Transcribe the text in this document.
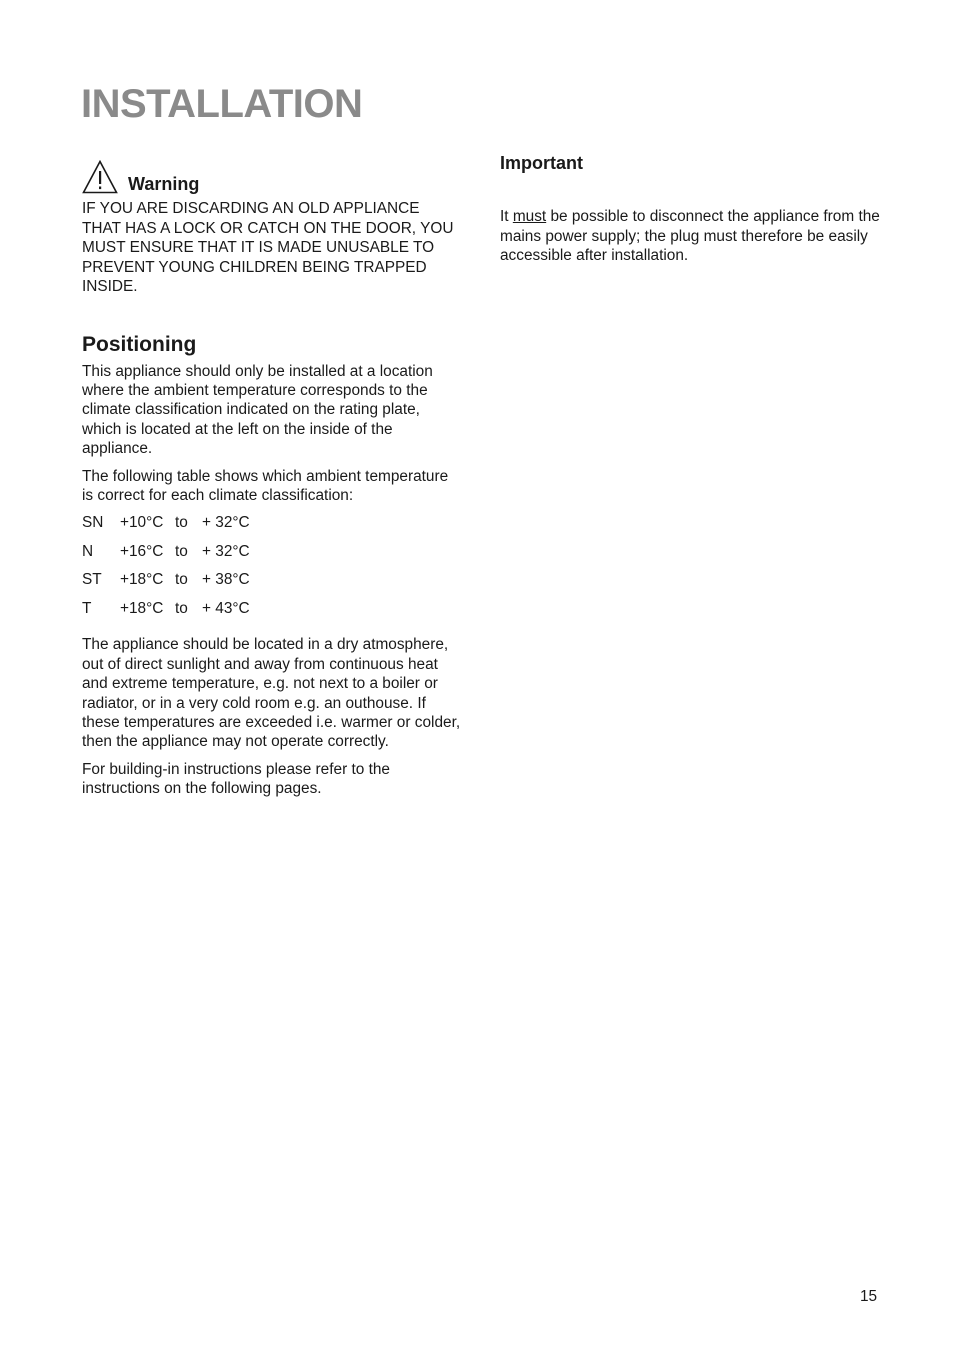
INSTALLATION
Warning

IF YOU ARE DISCARDING AN OLD APPLIANCE THAT HAS A LOCK OR CATCH ON THE DOOR, YOU MUST ENSURE THAT IT IS MADE UNUSABLE TO PREVENT YOUNG CHILDREN BEING TRAPPED INSIDE.

Positioning

This appliance should only be installed at a location where the ambient temperature corresponds to the climate classification indicated on the rating plate, which is located at the left on the inside of the appliance.

The following table shows which ambient temperature is correct for each climate classification:

SN	+10°C to + 32°C
N	+16°C to + 32°C
ST	+18°C to + 38°C
T	+18°C to + 43°C

The appliance should be located in a dry atmosphere, out of direct sunlight and away from continuous heat and extreme temperature, e.g. not next to a boiler or radiator, or in a very cold room e.g. an outhouse. If these temperatures are exceeded i.e. warmer or colder, then the appliance may not operate correctly.

For building-in instructions please refer to the instructions on the following pages.

Important

It must be possible to disconnect the appliance from the mains power supply; the plug must therefore be easily accessible after installation.

15
